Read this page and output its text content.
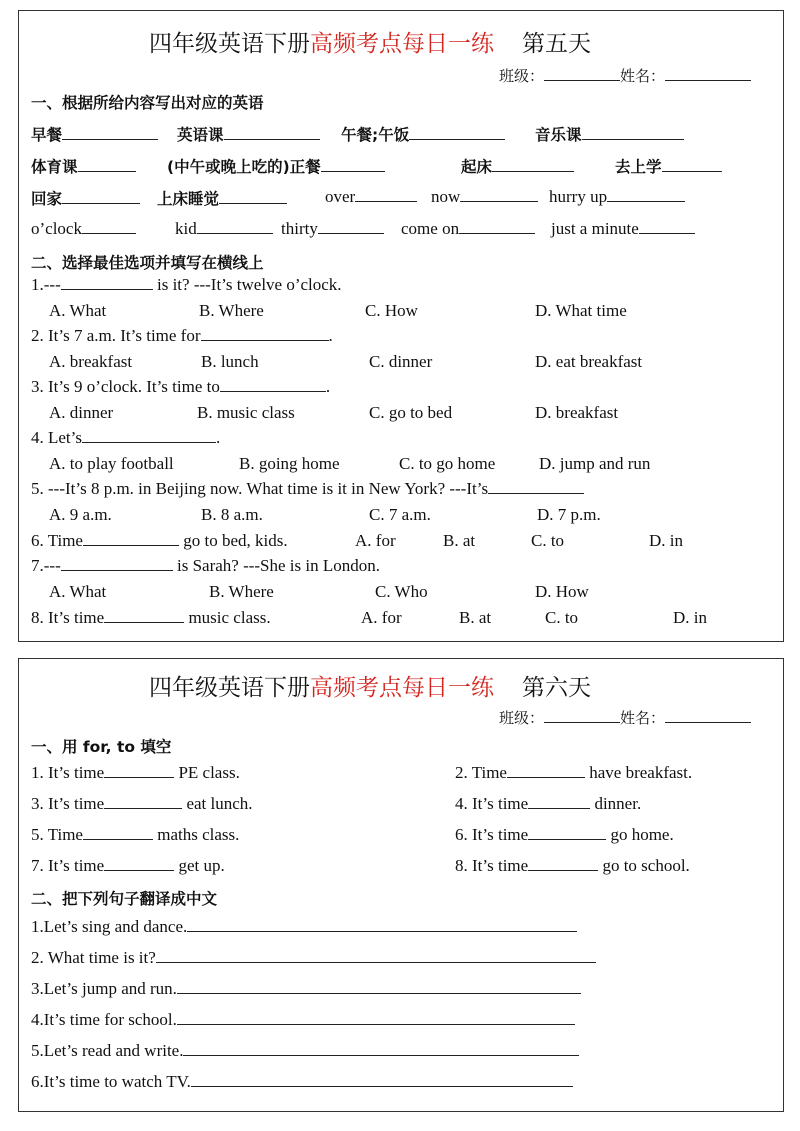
四年级英语下册高频考点每日一练 第五天
班级：	姓名：
一、根据所给内容写出对应的英语
早餐	英语课	午餐;午饭	音乐课
体育课	(中午或晚上吃的)正餐	起床	去上学
回家	上床睡觉	over	now	hurry up
o’clock	kid	thirty	come on	just a minute
二、选择最佳选项并填写在横线上
1.---	is it? ---It’s twelve o’clock.
A. What	B. Where	C. How	D. What time
2. It’s 7 a.m. It’s time for	.
A. breakfast	B. lunch	C. dinner	D. eat breakfast
3. It’s 9 o’clock. It’s time to	.
A. dinner	B. music class	C. go to bed	D. breakfast
4. Let’s	.
A. to play football	B. going home	C. to go home	D. jump and run
5. ---It’s 8 p.m. in Beijing now. What time is it in New York? ---It’s
A. 9 a.m.	B. 8 a.m.	C. 7 a.m.	D. 7 p.m.
6. Time	go to bed, kids.	A. for	B. at	C. to	D. in
7.---	is Sarah? ---She is in London.
A. What	B. Where	C. Who	D. How
8. It’s time	music class.	A. for	B. at	C. to	D. in
四年级英语下册高频考点每日一练 第六天
班级：	姓名：
一、用 for, to 填空
1. It’s time	PE class.	2. Time	have breakfast.
3. It’s time	eat lunch.	4. It’s time	dinner.
5. Time	maths class.	6. It’s time	go home.
7. It’s time	get up.	8. It’s time	go to school.
二、把下列句子翻译成中文
1.Let’s sing and dance.
2. What time is it?
3.Let’s jump and run.
4.It’s time for school.
5.Let’s read and write.
6.It’s time to watch TV.
